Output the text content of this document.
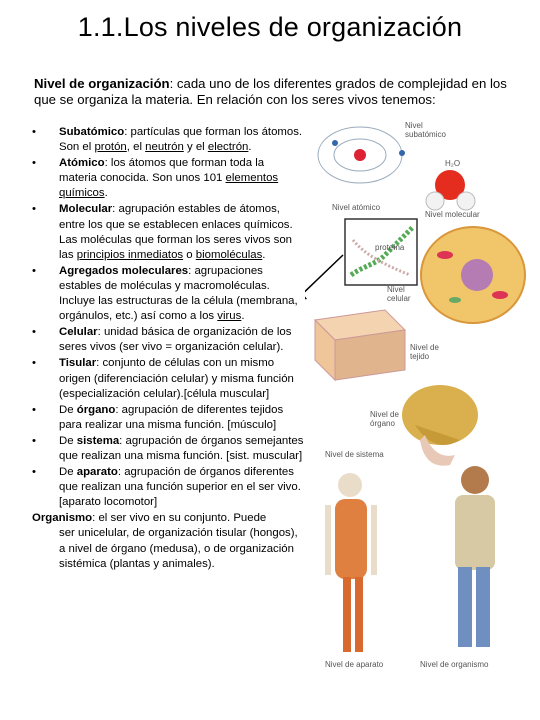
1.1.Los niveles de organización
Nivel de organización: cada uno de los diferentes grados de complejidad en los que se organiza la materia. En relación con los seres vivos tenemos:
• Subatómico: partículas que forman los átomos. Son el protón, el neutrón y el electrón.
• Atómico: los átomos que forman toda la materia conocida. Son unos 101 elementos químicos.
• Molecular: agrupación estables de átomos, entre los que se establecen enlaces químicos. Las moléculas que forman los seres vivos son las principios inmediatos o biomoléculas.
• Agregados moleculares: agrupaciones estables de moléculas y macromoléculas. Incluye las estructuras de la célula (membrana, orgánulos, etc.) así como a los virus.
• Celular: unidad básica de organización de los seres vivos (ser vivo = organización celular).
• Tisular: conjunto de células con un mismo origen (diferenciación celular) y misma función (especialización celular).[célula muscular]
• De órgano: agrupación de diferentes tejidos para realizar una misma función. [músculo]
• De sistema: agrupación de órganos semejantes que realizan una misma función. [sist. muscular]
• De aparato: agrupación de órganos diferentes que realizan una función superior en el ser vivo. [aparato locomotor]
Organismo: el ser vivo en su conjunto. Puede
ser unicelular, de organización tisular (hongos), a nivel de órgano (medusa), o de organización sistémica (plantas y animales).
Nivel
subatómico
H₂O
Nivel atómico
Nivel molecular
proteína
Nivel
celular
Nivel de
tejido
Nivel de
órgano
Nivel de sistema
Nivel de aparato	Nivel de organismo
